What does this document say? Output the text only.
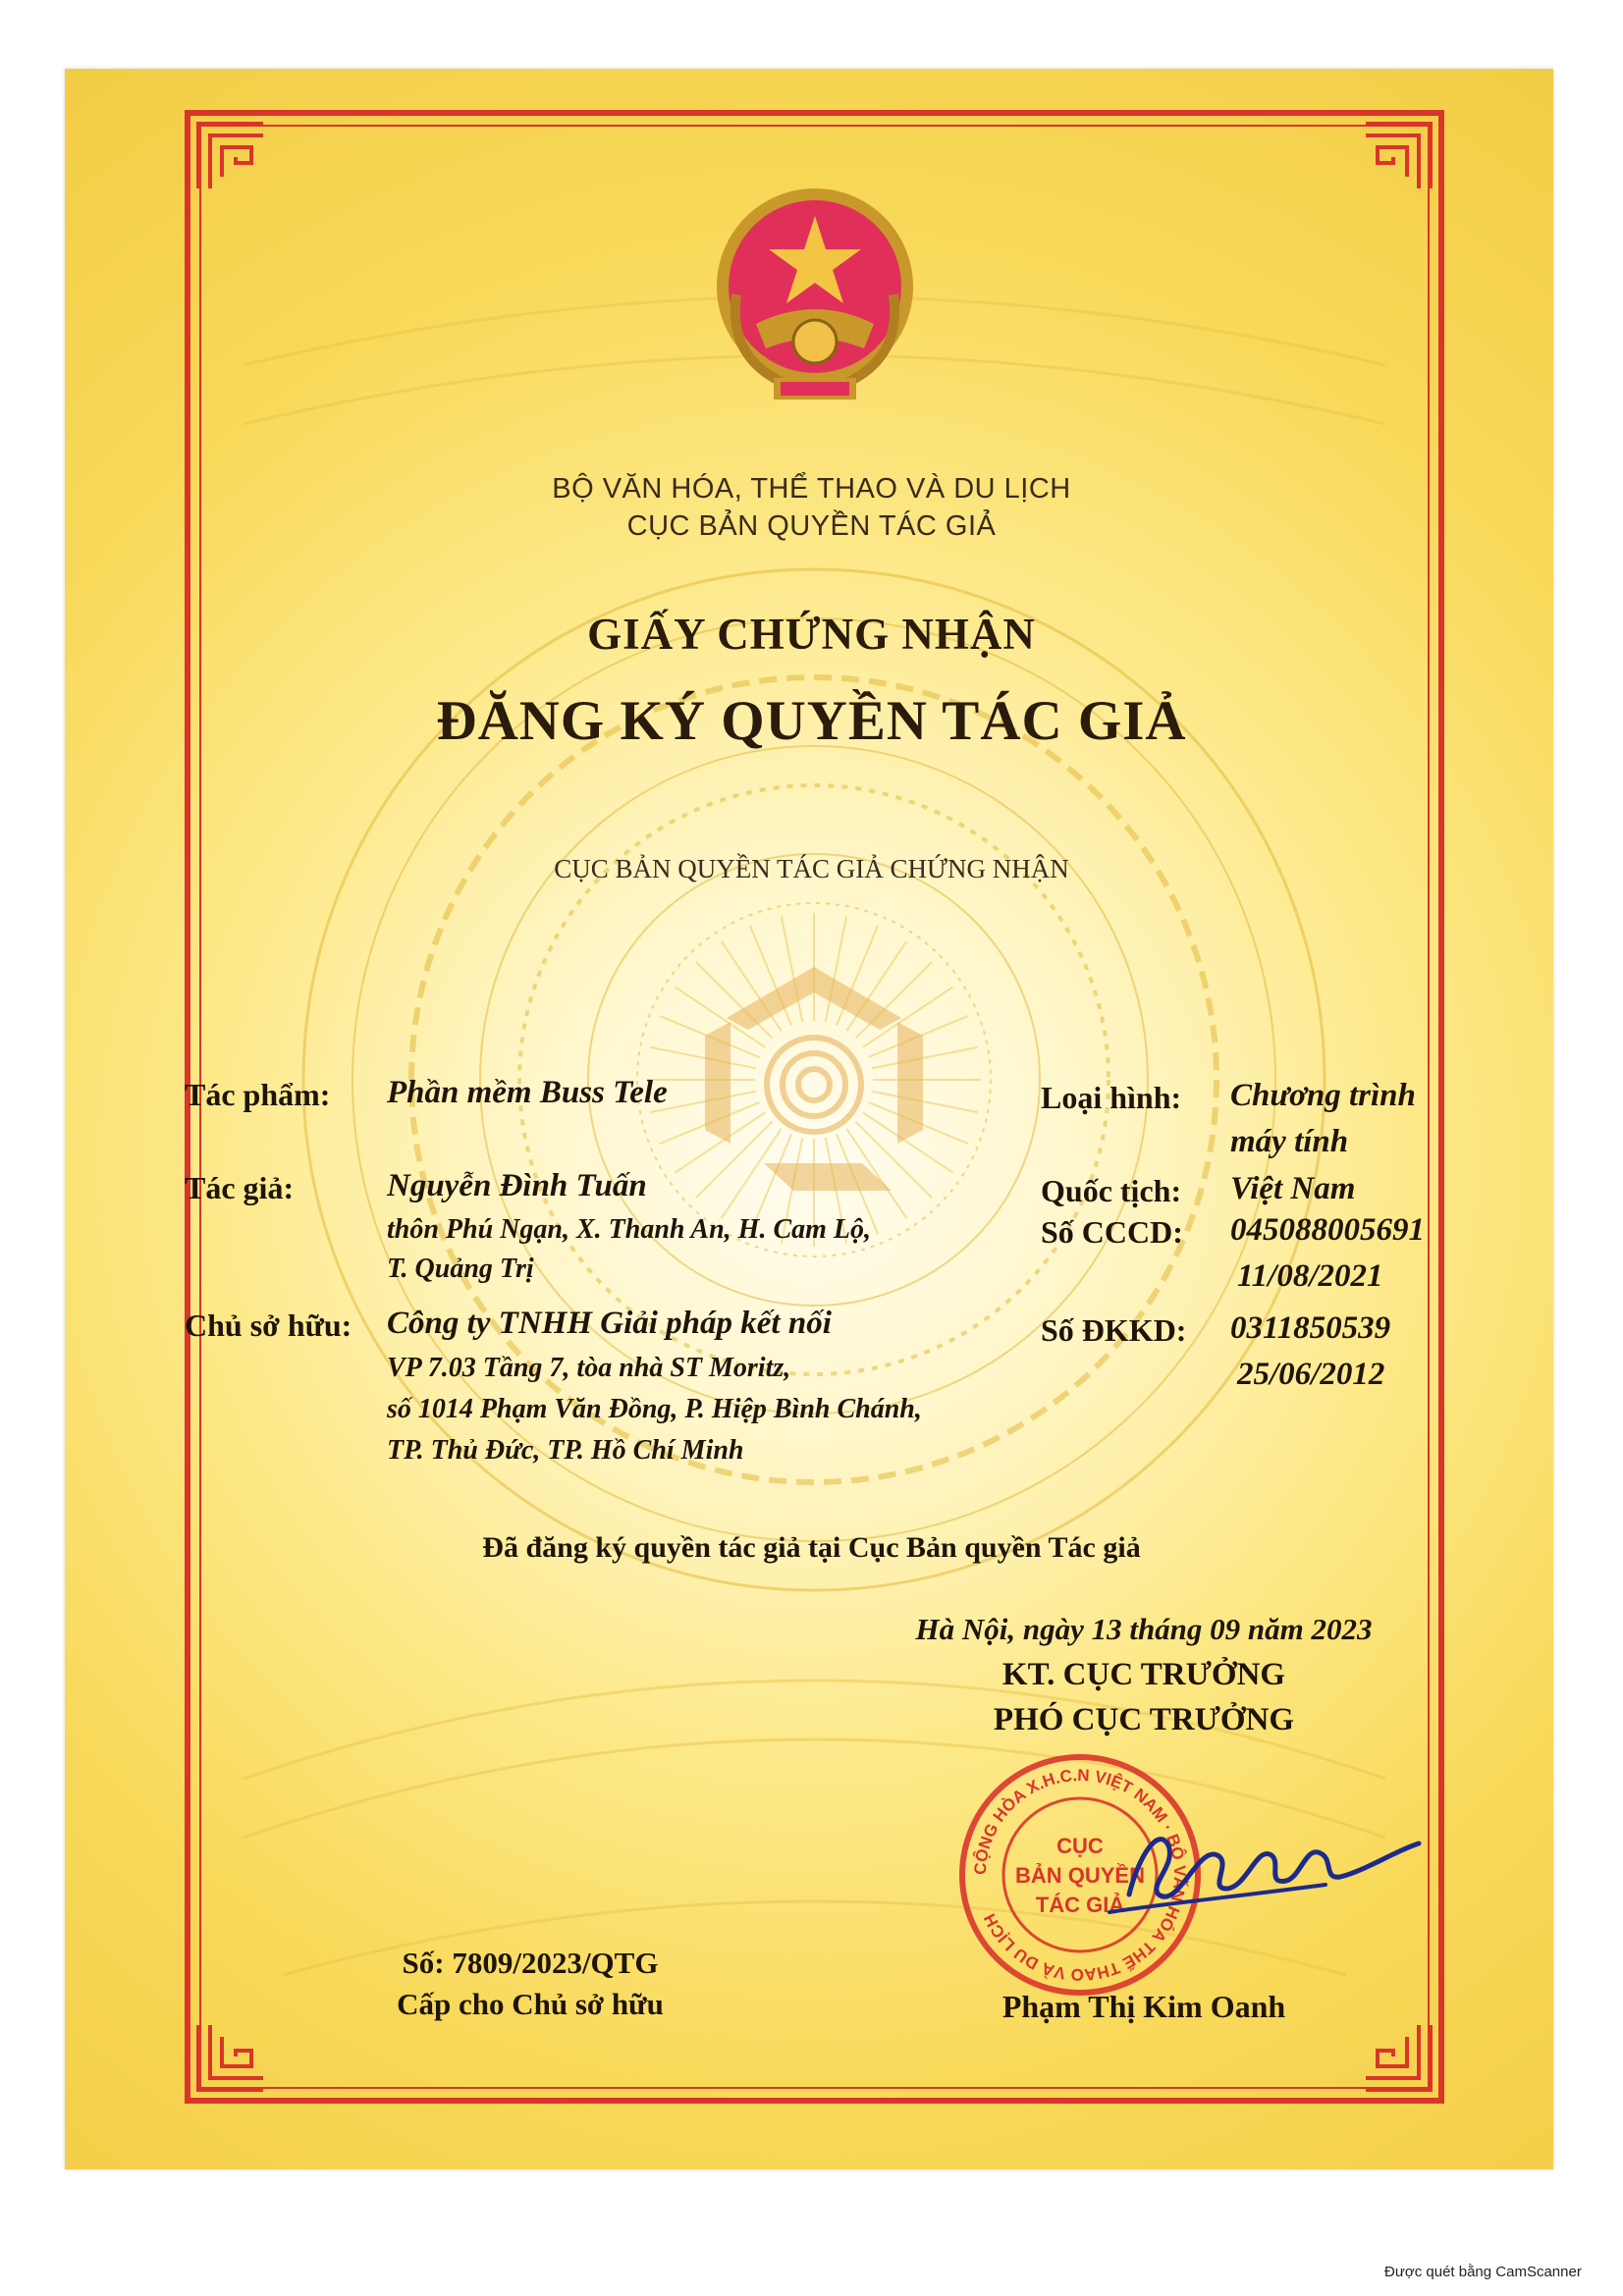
BỘ VĂN HÓA, THỂ THAO VÀ DU LỊCH
CỤC BẢN QUYỀN TÁC GIẢ
GIẤY CHỨNG NHẬN
ĐĂNG KÝ QUYỀN TÁC GIẢ
CỤC BẢN QUYỀN TÁC GIẢ CHỨNG NHẬN
Tác phẩm: Phần mềm Buss Tele
Tác giả:	Nguyễn Đình Tuấn
thôn Phú Ngạn, X. Thanh An, H. Cam Lộ,
T. Quảng Trị
Chủ sở hữu: Công ty TNHH Giải pháp kết nối
VP 7.03 Tầng 7, tòa nhà ST Moritz,
số 1014 Phạm Văn Đồng, P. Hiệp Bình Chánh,
TP. Thủ Đức, TP. Hồ Chí Minh
Loại hình: Chương trình
máy tính
Quốc tịch: Việt Nam
Số CCCD: 045088005691
11/08/2021
Số ĐKKD: 0311850539
25/06/2012
Đã đăng ký quyền tác giả tại Cục Bản quyền Tác giả
Hà Nội, ngày 13 tháng 09 năm 2023
KT. CỤC TRƯỞNG
PHÓ CỤC TRƯỞNG
CỘNG HÒA X.H.C.N VIỆT NAM · BỘ VĂN HÓA THỂ THAO VÀ DU LỊCH
CỤC
BẢN QUYỀN
TÁC GIẢ
Phạm Thị Kim Oanh
Số: 7809/2023/QTG
Cấp cho Chủ sở hữu
Được quét bằng CamScanner
